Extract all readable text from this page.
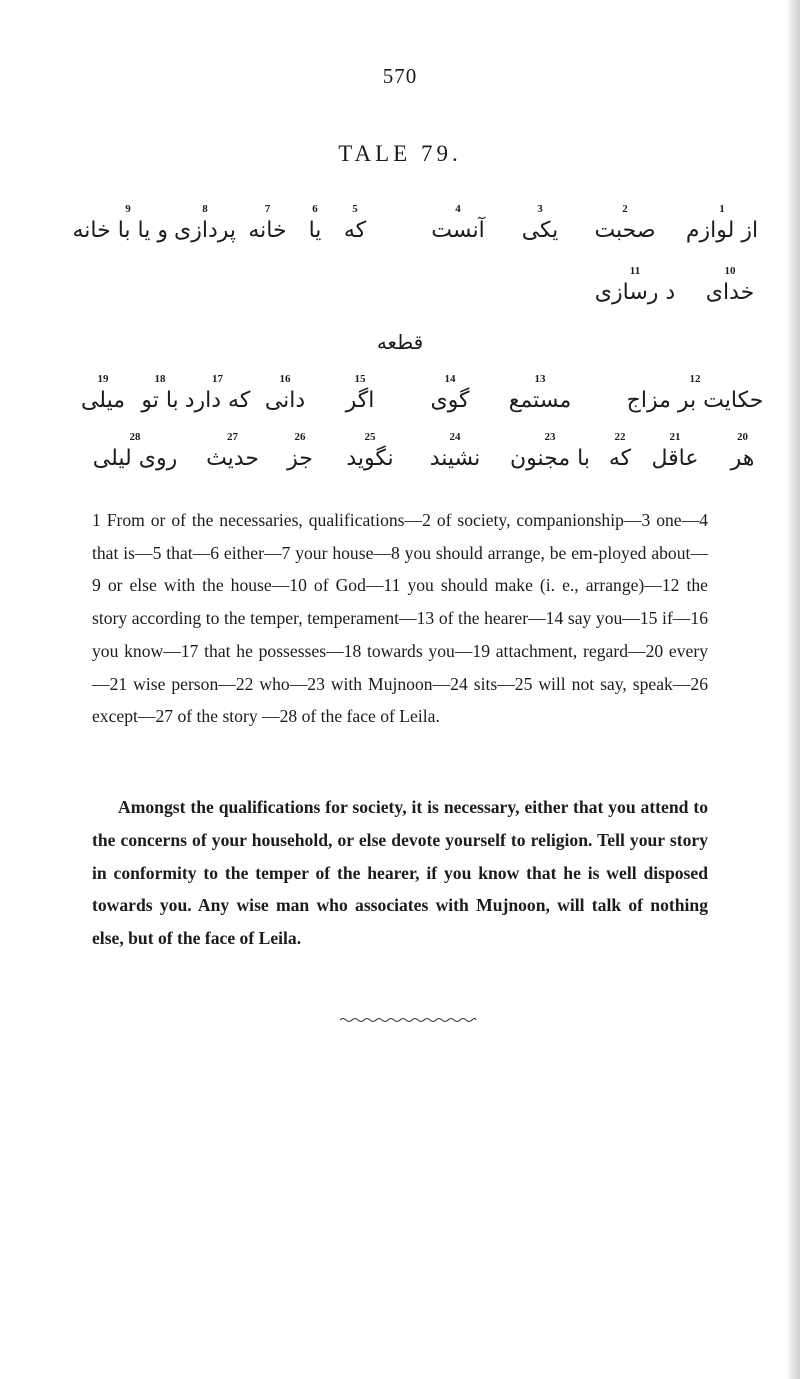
570
TALE 79.
1
از لوازم
2
صحبت
3
یکی
4
آنست
5
که
6
یا
7
خانه
8
پردازی
9
و یا با خانه
10
خدای
11
د رسازی
قطعه
12
حکایت بر مزاج
13
مستمع
14
گوی
15
اگر
16
دانی
17
که دارد
18
با تو
19
میلی
20
هر
21
عاقل
22
که
23
با مجنون
24
نشیند
25
نگوید
26
جز
27
حدیث
28
روی لیلی
1 From or of the necessaries, qualifications—2 of society, companionship—3 one—4 that is—5 that—6 either—7 your house—8 you should arrange, be em-ployed about—9 or else with the house—10 of God—11 you should make (i. e., arrange)—12 the story according to the temper, temperament—13 of the hearer—14 say you—15 if—16 you know—17 that he possesses—18 towards you—19 attachment, regard—20 every—21 wise person—22 who—23 with Mujnoon—24 sits—25 will not say, speak—26 except—27 of the story —28 of the face of Leila.

Amongst the qualifications for society, it is necessary, either that you attend to the concerns of your household, or else devote yourself to religion. Tell your story in conformity to the temper of the hearer, if you know that he is well disposed towards you. Any wise man who associates with Mujnoon, will talk of nothing else, but of the face of Leila.
